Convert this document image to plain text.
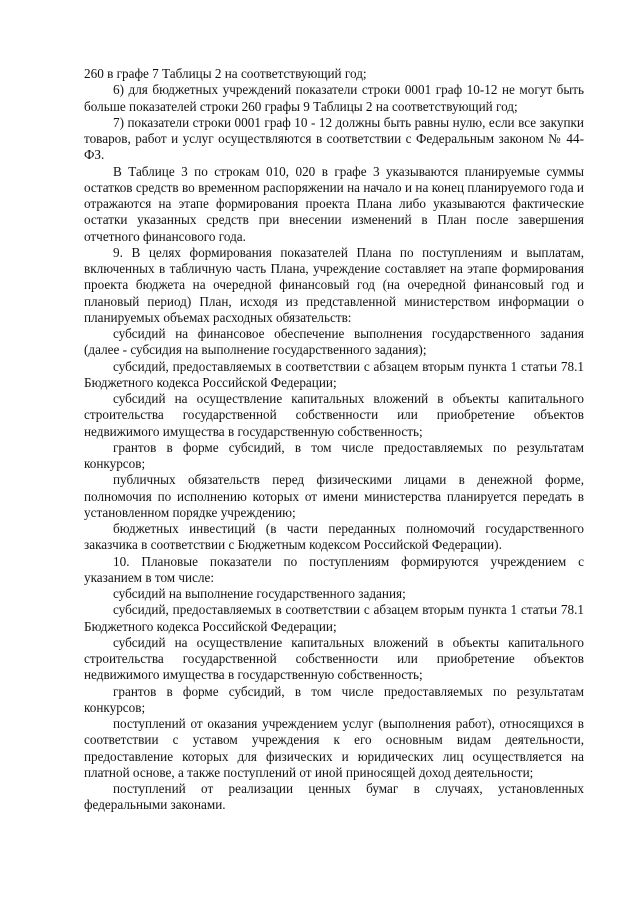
260 в графе 7 Таблицы 2 на соответствующий год;

6) для бюджетных учреждений показатели строки 0001 граф 10-12 не могут быть больше показателей строки 260 графы 9 Таблицы 2 на соответствующий год;

7) показатели строки 0001 граф 10 - 12 должны быть равны нулю, если все закупки товаров, работ и услуг осуществляются в соответствии с Федеральным законом № 44-ФЗ.

В Таблице 3 по строкам 010, 020 в графе 3 указываются планируемые суммы остатков средств во временном распоряжении на начало и на конец планируемого года и отражаются на этапе формирования проекта Плана либо указываются фактические остатки указанных средств при внесении изменений в План после завершения отчетного финансового года.

9. В целях формирования показателей Плана по поступлениям и выплатам, включенных в табличную часть Плана, учреждение составляет на этапе формирования проекта бюджета на очередной финансовый год (на очередной финансовый год и плановый период) План, исходя из представленной министерством информации о планируемых объемах расходных обязательств:

субсидий на финансовое обеспечение выполнения государственного задания (далее - субсидия на выполнение государственного задания);

субсидий, предоставляемых в соответствии с абзацем вторым пункта 1 статьи 78.1 Бюджетного кодекса Российской Федерации;

субсидий на осуществление капитальных вложений в объекты капитального строительства государственной собственности или приобретение объектов недвижимого имущества в государственную собственность;

грантов в форме субсидий, в том числе предоставляемых по результатам конкурсов;

публичных обязательств перед физическими лицами в денежной форме, полномочия по исполнению которых от имени министерства планируется передать в установленном порядке учреждению;

бюджетных инвестиций (в части переданных полномочий государственного заказчика в соответствии с Бюджетным кодексом Российской Федерации).

10. Плановые показатели по поступлениям формируются учреждением с указанием в том числе:

субсидий на выполнение государственного задания;

субсидий, предоставляемых в соответствии с абзацем вторым пункта 1 статьи 78.1 Бюджетного кодекса Российской Федерации;

субсидий на осуществление капитальных вложений в объекты капитального строительства государственной собственности или приобретение объектов недвижимого имущества в государственную собственность;

грантов в форме субсидий, в том числе предоставляемых по результатам конкурсов;

поступлений от оказания учреждением услуг (выполнения работ), относящихся в соответствии с уставом учреждения к его основным видам деятельности, предоставление которых для физических и юридических лиц осуществляется на платной основе, а также поступлений от иной приносящей доход деятельности;

поступлений от реализации ценных бумаг в случаях, установленных федеральными законами.
